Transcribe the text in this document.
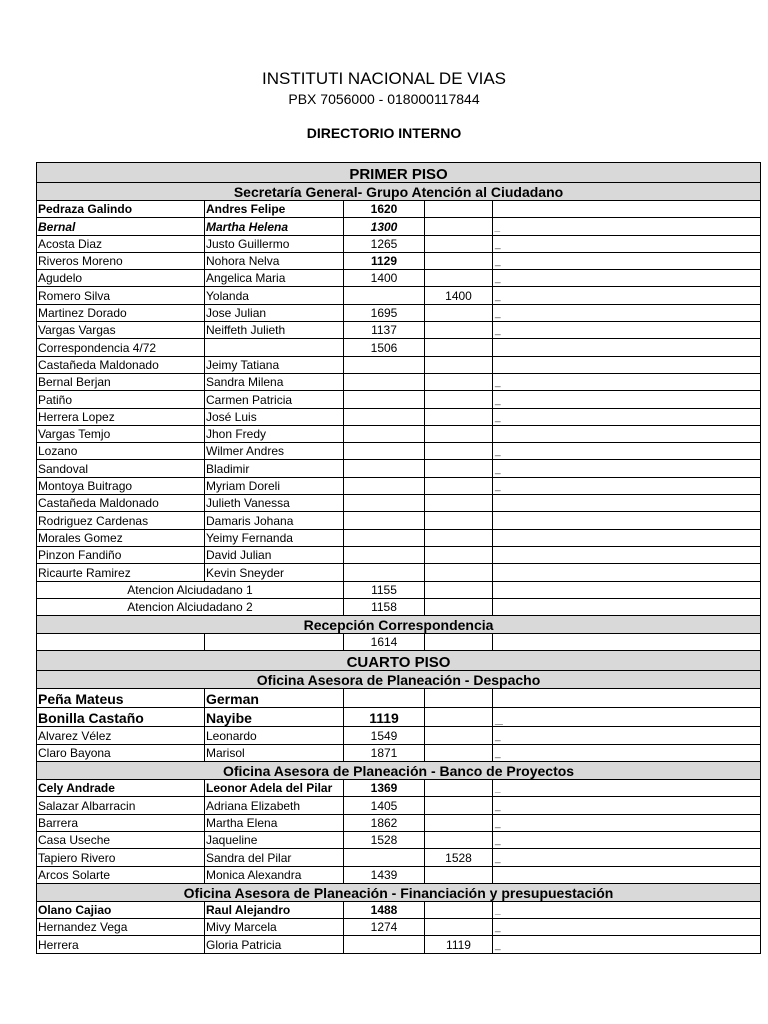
INSTITUTI NACIONAL DE VIAS
PBX 7056000 - 018000117844
DIRECTORIO INTERNO
PRIMER PISO				
Secretaría General- Grupo Atención al Ciudadano				
Pedraza Galindo	Andres Felipe	1620		
Bernal	Martha Helena	1300		_
Acosta Diaz	Justo Guillermo	1265		_
Riveros Moreno	Nohora Nelva	1129		_
Agudelo	Angelica Maria	1400		_
Romero Silva	Yolanda		1400	_
Martinez Dorado	Jose Julian	1695		_
Vargas Vargas	Neiffeth Julieth	1137		_
Correspondencia 4/72		1506		
Castañeda Maldonado	Jeimy Tatiana			
Bernal Berjan	Sandra Milena			_
Patiño	Carmen Patricia			_
Herrera Lopez	José Luis			_
Vargas Temjo	Jhon Fredy			
Lozano	Wilmer Andres			_
Sandoval	Bladimir			_
Montoya Buitrago	Myriam Doreli			_
Castañeda Maldonado	Julieth Vanessa			
Rodriguez Cardenas	Damaris Johana			
Morales Gomez	Yeimy Fernanda			
Pinzon Fandiño	David Julian			
Ricaurte Ramirez	Kevin Sneyder			
Atencion Alciudadano 1		1155		
Atencion Alciudadano 2		1158		
Recepción Correspondencia				
		1614		
CUARTO PISO				
Oficina Asesora de Planeación - Despacho				
Peña Mateus	German			
Bonilla Castaño	Nayibe	1119		_
Alvarez Vélez	Leonardo	1549		_
Claro Bayona	Marisol	1871		_
Oficina Asesora de Planeación - Banco de Proyectos				
Cely Andrade	Leonor Adela del Pilar	1369		_
Salazar Albarracin	Adriana Elizabeth	1405		_
Barrera	Martha Elena	1862		_
Casa Useche	Jaqueline	1528		_
Tapiero Rivero	Sandra del Pilar		1528	_
Arcos Solarte	Monica Alexandra	1439		
Oficina Asesora de Planeación - Financiación y presupuestación				
Olano Cajiao	Raul Alejandro	1488		_
Hernandez Vega	Mivy Marcela	1274		_
Herrera	Gloria Patricia		1119	_
